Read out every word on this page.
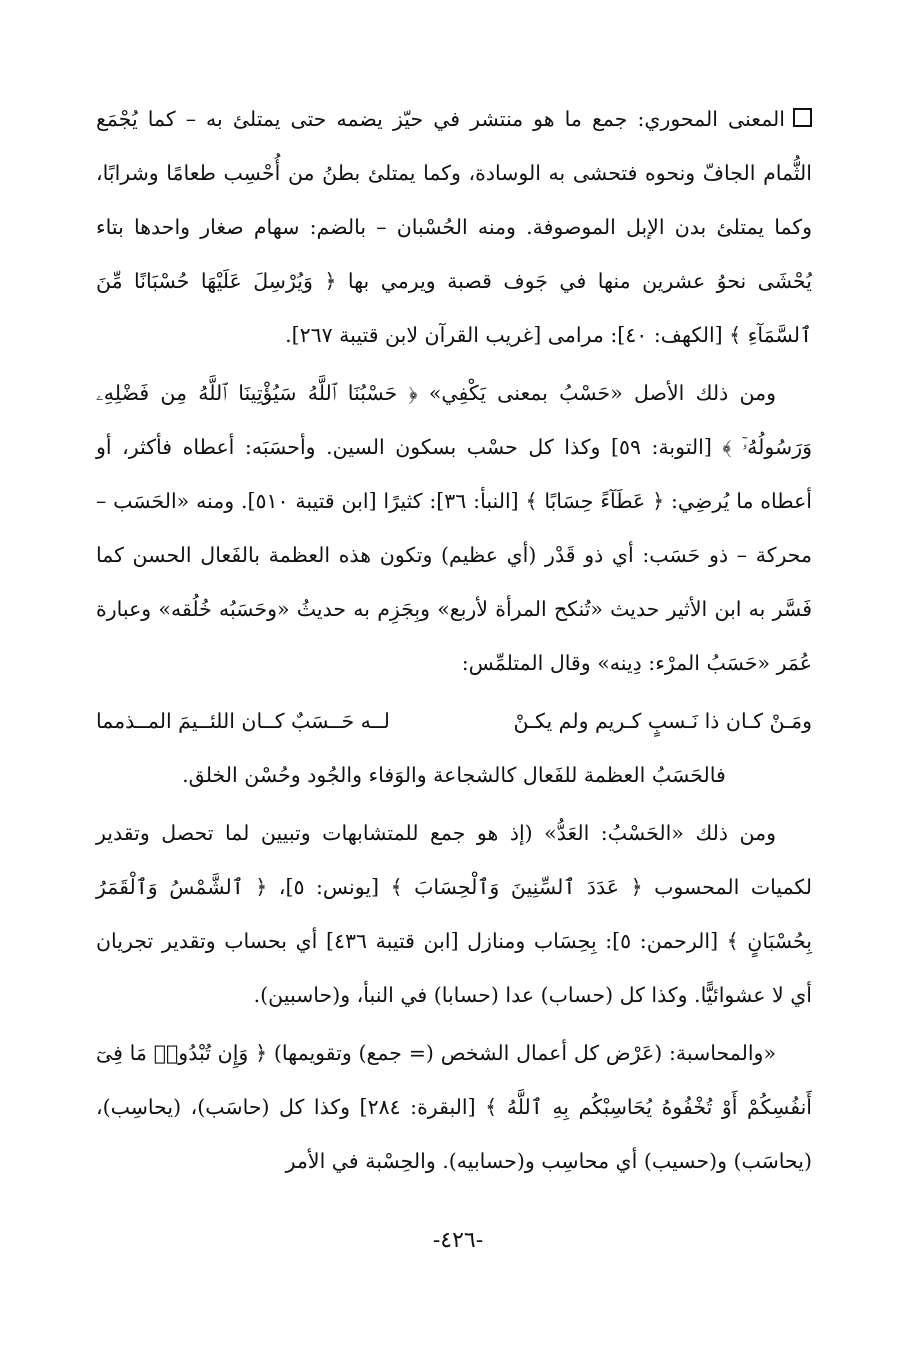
المعنى المحوري: جمع ما هو منتشر في حيّز يضمه حتى يمتلئ به – كما يُجْمَع الثُّمام الجافّ ونحوه فتحشى به الوسادة، وكما يمتلئ بطنُ من أُحْسِب طعامًا وشرابًا، وكما يمتلئ بدن الإبل الموصوفة. ومنه الحُسْبان – بالضم: سهام صغار واحدها بتاء يُحْشَى نحوُ عشرين منها في جَوف قصبة ويرمي بها ﴿ وَيُرْسِلَ عَلَيْهَا حُسْبَانًا مِّنَ ٱلسَّمَآءِ ﴾ [الكهف: ٤٠]: مرامى [غريب القرآن لابن قتيبة ٢٦٧].

ومن ذلك الأصل «حَسْبُ بمعنى يَكْفِي» ﴿ حَسْبُنَا ٱللَّهُ سَيُؤْتِينَا ٱللَّهُ مِن فَضْلِهِۦ وَرَسُولُهُۥٓ ﴾ [التوبة: ٥٩] وكذا كل حسْب بسكون السين. وأحسَبَه: أعطاه فأكثر، أو أعطاه ما يُرضِي: ﴿ عَطَآءً حِسَابًا ﴾ [النبأ: ٣٦]: كثيرًا [ابن قتيبة ٥١٠]. ومنه «الحَسَب – محركة – ذو حَسَب: أي ذو قَدْر (أي عظيم) وتكون هذه العظمة بالفَعال الحسن كما فَسَّر به ابن الأثير حديث «تُنكح المرأة لأربع» وبِجَزِم به حديثُ «وحَسَبُه خُلُقه» وعبارة عُمَر «حَسَبُ المرْء: دِينه» وقال المتلمِّس:

ومَـنْ كـان ذا نَـسبٍ كـريم ولم يكـنْ
لــه حَــسَبٌ كــان اللئــيمَ المــذمما

فالحَسَبُ العظمة للفَعال كالشجاعة والوَفاء والجُود وحُسْن الخلق.

ومن ذلك «الحَسْبُ: العَدُّ» (إذ هو جمع للمتشابهات وتبيين لما تحصل وتقدير لكميات المحسوب ﴿ عَدَدَ ٱلسِّنِينَ وَٱلْحِسَابَ ﴾ [يونس: ٥]، ﴿ ٱلشَّمْسُ وَٱلْقَمَرُ بِحُسْبَانٍ ﴾ [الرحمن: ٥]: بِحِسَاب ومنازل [ابن قتيبة ٤٣٦] أي بحساب وتقدير تجريان أي لا عشوائيًّا. وكذا كل (حساب) عدا (حسابا) في النبأ، و(حاسبين).

«والمحاسبة: (عَرْض كل أعمال الشخص (= جمع) وتقويمها) ﴿ وَإِن تُبْدُوا۟ مَا فِىٓ أَنفُسِكُمْ أَوْ تُخْفُوهُ يُحَاسِبْكُم بِهِ ٱللَّهُ ﴾ [البقرة: ٢٨٤] وكذا كل (حاسَب)، (يحاسِب)، (يحاسَب) و(حسيب) أي محاسِب و(حسابيه). والحِسْبة في الأمر

-٤٢٦-
